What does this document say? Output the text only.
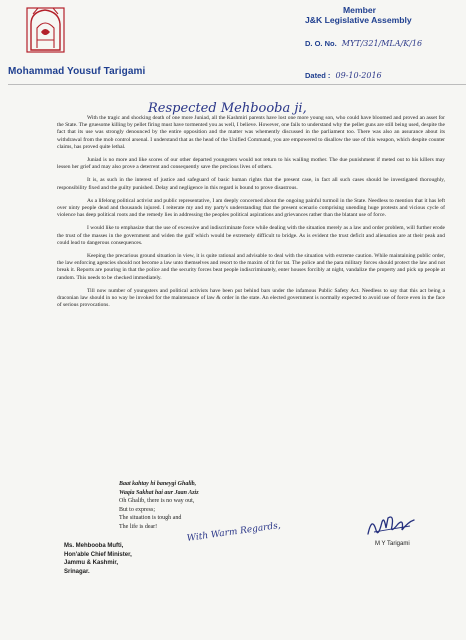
Mohammad Yousuf Tarigami
Member
J&K Legislative Assembly
D. O. No. MYT/321/MLA/K/16
Dated : 09-10-2016
Respected Mehbooba ji,

With the tragic and shocking death of one more Juniad, all the Kashmiri parents have lost one more young son, who could have bloomed and proved an asset for the State. The gruesome killing by pellet firing must have tormented you as well, I believe. However, one fails to understand why the pellet guns are still being used, despite the fact that its use was strongly denounced by the entire opposition and the matter was whemently discussed in the parliament too. There was also an assurance about its withdrawal from the mob control arsenal. I understand that as the head of the Unified Command, you are empowered to disallow the use of this weapon, which despite counter claims, has proved quite lethal.

Juniad is no more and like scores of our other departed youngsters would not return to his wailing mother. The due punishment if meted out to his killers may lessen her grief and may also prove a deterrent and consequently save the precious lives of others.

It is, as such in the interest of justice and safeguard of basic human rights that the present case, in fact all such cases should be investigated thoroughly, responsibility fixed and the guilty punished. Delay and negligence in this regard is bound to prove disastrous.

As a lifelong political activist and public representative, I am deeply concerned about the ongoing painful turmoil in the State. Needless to mention that it has left over ninty people dead and thousands injured. I reiterate my and my party's understanding that the present scenario comprising unending huge protests and vicious cycle of violence has deep political roots and the remedy lies in addressing the peoples political aspirations and grievances rather than the blatant use of force.

I would like to emphasize that the use of excessive and indiscriminate force while dealing with the situation merely as a law and order problem, will further erode the trust of the masses in the government and widen the gulf which would be extremely difficult to bridge. As is evident the trust deficit and alienation are at their peak and could lead to dangerous consequences.

Keeping the precarious ground situation in view, it is quite rational and advisable to deal with the situation with extreme caution. While maintaining public order, the law enforcing agencies should not become a law unto themselves and resort to the maxim of tit for tat. The police and the para military forces should protect the law and not break it. Reports are pouring in that the police and the security forces beat people indiscriminately, enter houses forcibly at night, vandalize the property and pick up people at random. This needs to be checked immediately.

Till now number of youngsters and political activists have been put behind bars under the infamous Public Safety Act. Needless to say that this act being a draconian law should in no way be invoked for the maintenance of law & order in the state. An elected government is normally expected to avoid use of force even in the face of serious provocations.

Baat kahtay hi baneygi Ghalib,
Waqia Sakhat hai aur Jaan Aziz
Oh Ghalib, there is no way out,
But to express;
The situation is tough and
The life is dear!	With Warm Regards,
M Y Tarigami
Ms. Mehbooba Mufti,
Hon'able Chief Minister,
Jammu & Kashmir,
Srinagar.
